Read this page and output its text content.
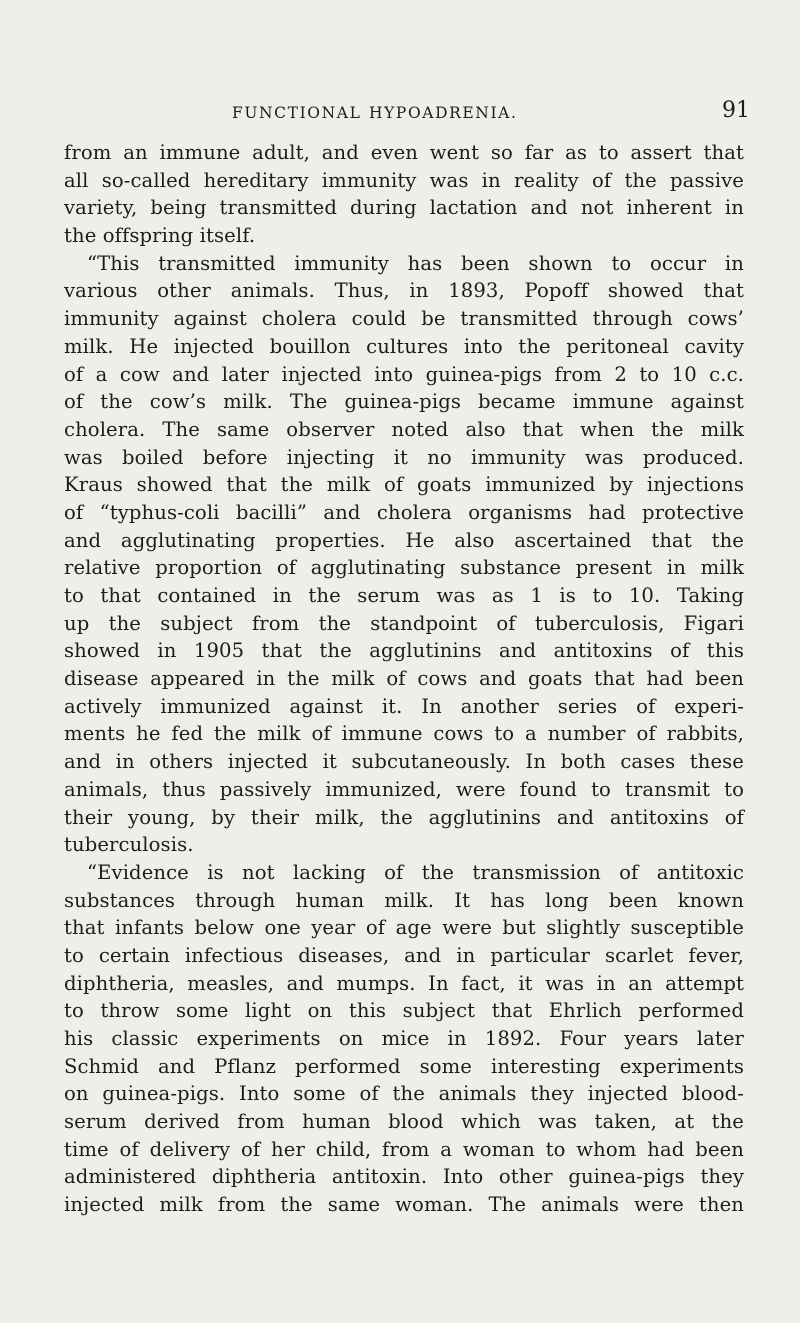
FUNCTIONAL HYPOADRENIA.	91
from an immune adult, and even went so far as to assert that
all so-called hereditary immunity was in reality of the passive
variety, being transmitted during lactation and not inherent in
the offspring itself.
“This transmitted immunity has been shown to occur in
various other animals. Thus, in 1893, Popoff showed that
immunity against cholera could be transmitted through cows’
milk. He injected bouillon cultures into the peritoneal cavity
of a cow and later injected into guinea-pigs from 2 to 10 c.c.
of the cow’s milk. The guinea-pigs became immune against
cholera. The same observer noted also that when the milk
was boiled before injecting it no immunity was produced.
Kraus showed that the milk of goats immunized by injections
of “typhus-coli bacilli” and cholera organisms had protective
and agglutinating properties. He also ascertained that the
relative proportion of agglutinating substance present in milk
to that contained in the serum was as 1 is to 10. Taking
up the subject from the standpoint of tuberculosis, Figari
showed in 1905 that the agglutinins and antitoxins of this
disease appeared in the milk of cows and goats that had been
actively immunized against it. In another series of experi-
ments he fed the milk of immune cows to a number of rabbits,
and in others injected it subcutaneously. In both cases these
animals, thus passively immunized, were found to transmit to
their young, by their milk, the agglutinins and antitoxins of
tuberculosis.
“Evidence is not lacking of the transmission of antitoxic
substances through human milk. It has long been known
that infants below one year of age were but slightly susceptible
to certain infectious diseases, and in particular scarlet fever,
diphtheria, measles, and mumps. In fact, it was in an attempt
to throw some light on this subject that Ehrlich performed
his classic experiments on mice in 1892. Four years later
Schmid and Pflanz performed some interesting experiments
on guinea-pigs. Into some of the animals they injected blood-
serum derived from human blood which was taken, at the
time of delivery of her child, from a woman to whom had been
administered diphtheria antitoxin. Into other guinea-pigs they
injected milk from the same woman. The animals were then
